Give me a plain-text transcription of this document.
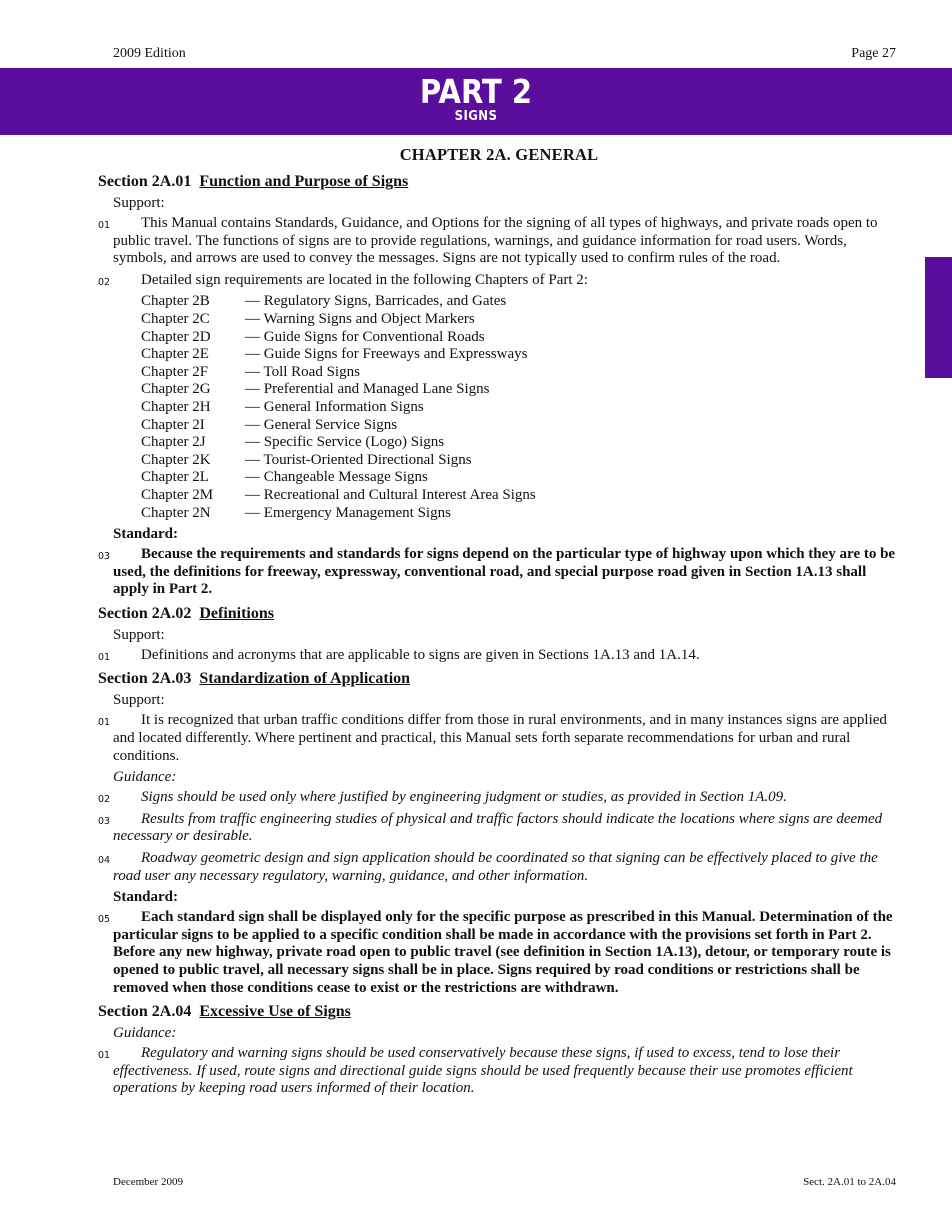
2009 Edition	Page 27
PART 2
SIGNS
CHAPTER 2A. GENERAL
Section 2A.01 Function and Purpose of Signs
Support:
01 This Manual contains Standards, Guidance, and Options for the signing of all types of highways, and private roads open to public travel. The functions of signs are to provide regulations, warnings, and guidance information for road users. Words, symbols, and arrows are used to convey the messages. Signs are not typically used to confirm rules of the road.
02 Detailed sign requirements are located in the following Chapters of Part 2:
Chapter 2B	— Regulatory Signs, Barricades, and Gates
Chapter 2C	— Warning Signs and Object Markers
Chapter 2D	— Guide Signs for Conventional Roads
Chapter 2E	— Guide Signs for Freeways and Expressways
Chapter 2F	— Toll Road Signs
Chapter 2G	— Preferential and Managed Lane Signs
Chapter 2H	— General Information Signs
Chapter 2I	— General Service Signs
Chapter 2J	— Specific Service (Logo) Signs
Chapter 2K	— Tourist-Oriented Directional Signs
Chapter 2L	— Changeable Message Signs
Chapter 2M	— Recreational and Cultural Interest Area Signs
Chapter 2N	— Emergency Management Signs
Standard:
03 Because the requirements and standards for signs depend on the particular type of highway upon which they are to be used, the definitions for freeway, expressway, conventional road, and special purpose road given in Section 1A.13 shall apply in Part 2.
Section 2A.02 Definitions
Support:
01 Definitions and acronyms that are applicable to signs are given in Sections 1A.13 and 1A.14.
Section 2A.03 Standardization of Application
Support:
01 It is recognized that urban traffic conditions differ from those in rural environments, and in many instances signs are applied and located differently. Where pertinent and practical, this Manual sets forth separate recommendations for urban and rural conditions.
Guidance:
02 Signs should be used only where justified by engineering judgment or studies, as provided in Section 1A.09.
03 Results from traffic engineering studies of physical and traffic factors should indicate the locations where signs are deemed necessary or desirable.
04 Roadway geometric design and sign application should be coordinated so that signing can be effectively placed to give the road user any necessary regulatory, warning, guidance, and other information.
Standard:
05 Each standard sign shall be displayed only for the specific purpose as prescribed in this Manual. Determination of the particular signs to be applied to a specific condition shall be made in accordance with the provisions set forth in Part 2. Before any new highway, private road open to public travel (see definition in Section 1A.13), detour, or temporary route is opened to public travel, all necessary signs shall be in place. Signs required by road conditions or restrictions shall be removed when those conditions cease to exist or the restrictions are withdrawn.
Section 2A.04 Excessive Use of Signs
Guidance:
01 Regulatory and warning signs should be used conservatively because these signs, if used to excess, tend to lose their effectiveness. If used, route signs and directional guide signs should be used frequently because their use promotes efficient operations by keeping road users informed of their location.
December 2009	Sect. 2A.01 to 2A.04
